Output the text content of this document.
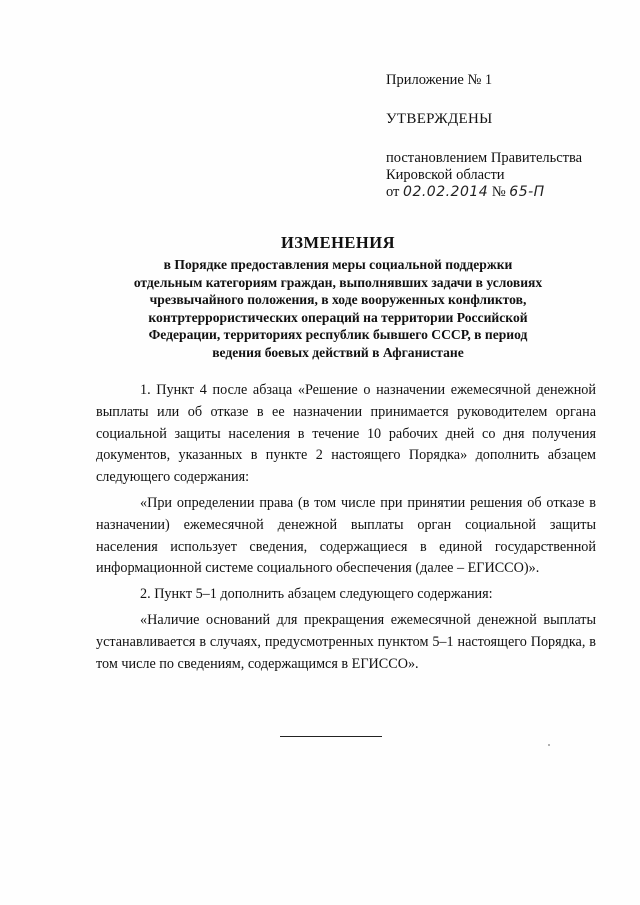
Приложение № 1
УТВЕРЖДЕНЫ
постановлением Правительства
Кировской области
от 02.02.2014 № 65-П
ИЗМЕНЕНИЯ
в Порядке предоставления меры социальной поддержки отдельным категориям граждан, выполнявших задачи в условиях чрезвычайного положения, в ходе вооруженных конфликтов, контртеррористических операций на территории Российской Федерации, территориях республик бывшего СССР, в период ведения боевых действий в Афганистане

1. Пункт 4 после абзаца «Решение о назначении ежемесячной денежной выплаты или об отказе в ее назначении принимается руководителем органа социальной защиты населения в течение 10 рабочих дней со дня получения документов, указанных в пункте 2 настоящего Порядка» дополнить абзацем следующего содержания:

«При определении права (в том числе при принятии решения об отказе в назначении) ежемесячной денежной выплаты орган социальной защиты населения использует сведения, содержащиеся в единой государственной информационной системе социального обеспечения (далее – ЕГИССО)».

2. Пункт 5–1 дополнить абзацем следующего содержания:

«Наличие оснований для прекращения ежемесячной денежной выплаты устанавливается в случаях, предусмотренных пунктом 5–1 настоящего Порядка, в том числе по сведениям, содержащимся в ЕГИССО».
